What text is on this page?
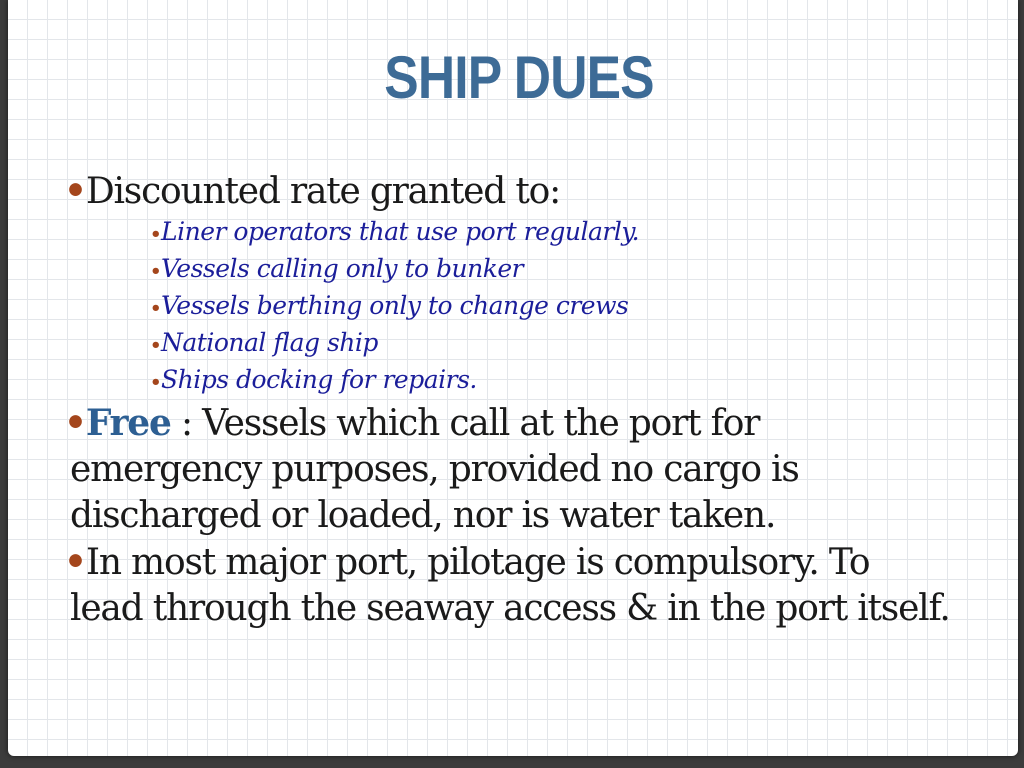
SHIP DUES

•Discounted rate granted to:

•Liner operators that use port regularly.
•Vessels calling only to bunker
•Vessels berthing only to change crews
•National flag ship
•Ships docking for repairs.

•Free : Vessels which call at the port for

emergency purposes, provided no cargo is

discharged or loaded, nor is water taken.

•In most major port, pilotage is compulsory. To

lead through the seaway access & in the port itself.
